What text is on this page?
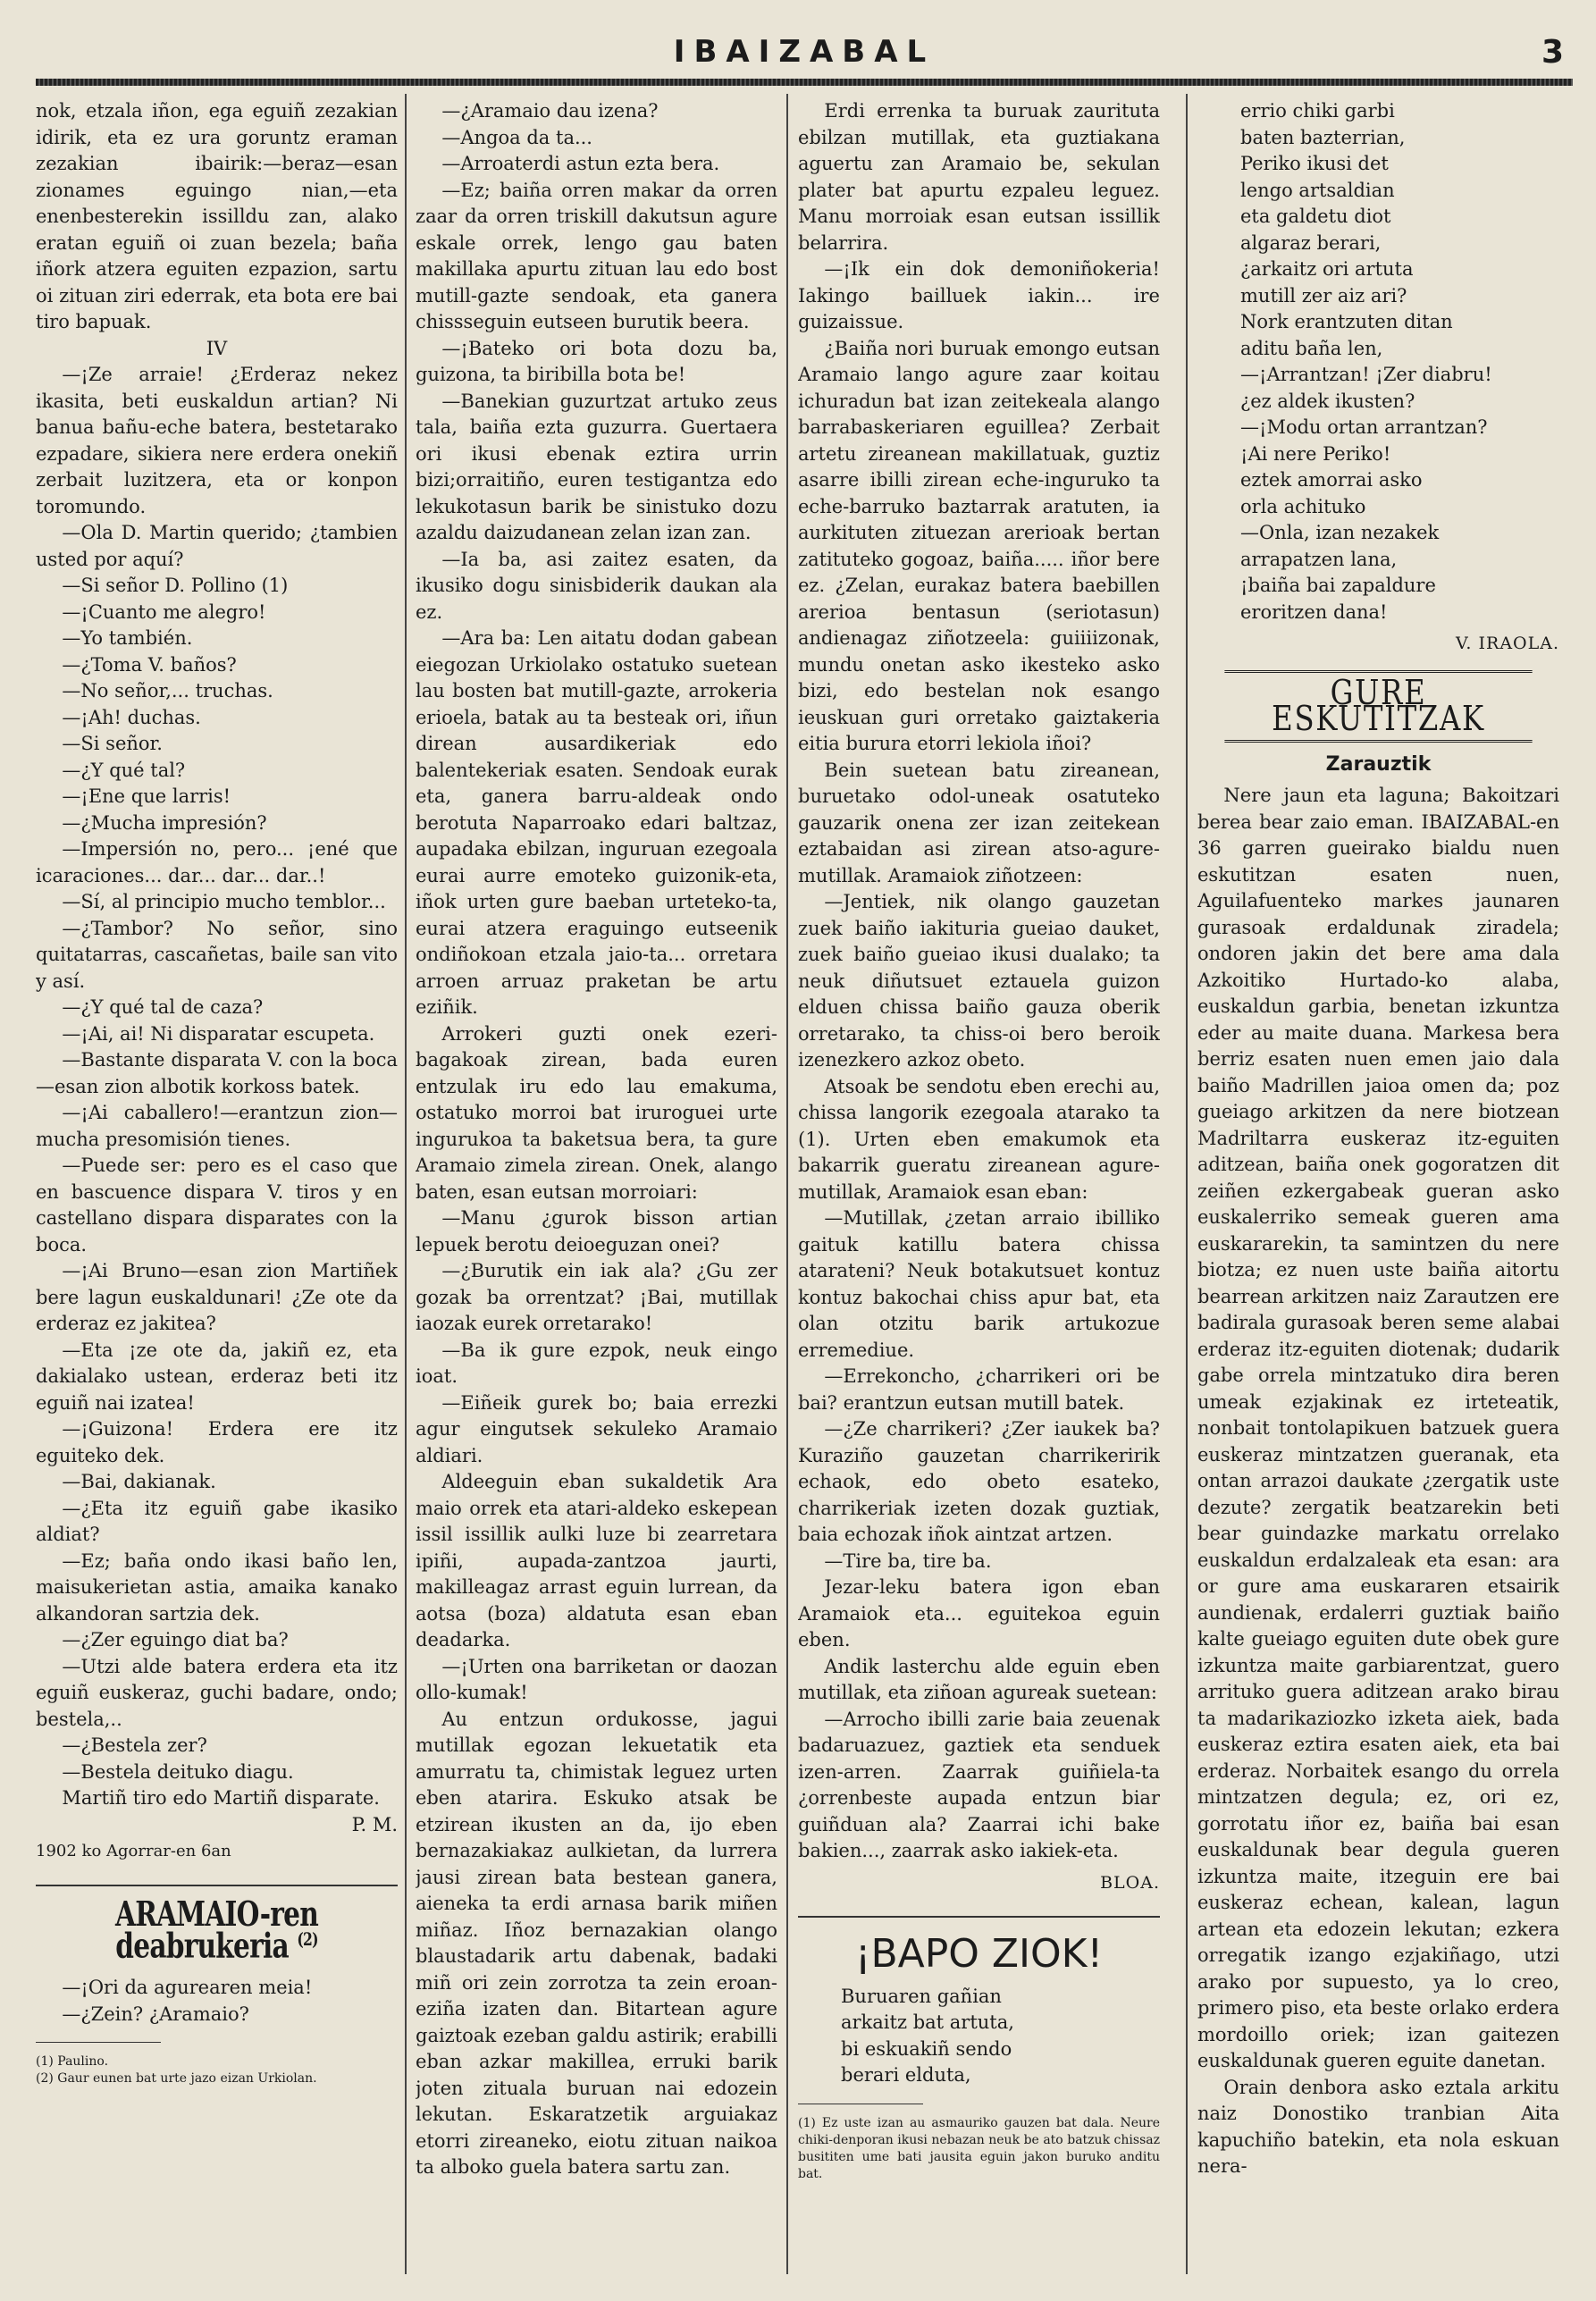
IBAIZABAL	3

nok, etzala iñon, ega eguiñ zezakian idirik, eta ez ura goruntz eraman zezakian ibairik:—beraz—esan zionames eguingo nian,—eta enenbesterekin issilldu zan, alako eratan eguiñ oi zuan bezela; baña iñork atzera eguiten ezpazion, sartu oi zituan ziri ederrak, eta bota ere bai tiro bapuak.

IV

—¡Ze arraie! ¿Erderaz nekez ikasita, beti euskaldun artian? Ni banua bañu-eche batera, bestetarako ezpadare, sikiera nere erdera onekiñ zerbait luzitzera, eta or konpon toromundo.

—Ola D. Martin querido; ¿tambien usted por aquí?

—Si señor D. Pollino (1)

—¡Cuanto me alegro!

—Yo también.

—¿Toma V. baños?

—No señor,... truchas.

—¡Ah! duchas.

—Si señor.

—¿Y qué tal?

—¡Ene que larris!

—¿Mucha impresión?

—Impersión no, pero... ¡ené que icaraciones... dar... dar... dar..!

—Sí, al principio mucho temblor...

—¿Tambor? No señor, sino quitatarras, cascañetas, baile san vito y así.

—¿Y qué tal de caza?

—¡Ai, ai! Ni disparatar escupeta.

—Bastante disparata V. con la boca—esan zion albotik korkoss batek.

—¡Ai caballero!—erantzun zion—mucha presomisión tienes.

—Puede ser: pero es el caso que en bascuence dispara V. tiros y en castellano dispara disparates con la boca.

—¡Ai Bruno—esan zion Martiñek bere lagun euskaldunari! ¿Ze ote da erderaz ez jakitea?

—Eta ¡ze ote da, jakiñ ez, eta dakialako ustean, erderaz beti itz eguiñ nai izatea!

—¡Guizona! Erdera ere itz eguiteko dek.

—Bai, dakianak.

—¿Eta itz eguiñ gabe ikasiko aldiat?

—Ez; baña ondo ikasi baño len, maisukerietan astia, amaika kanako alkandoran sartzia dek.

—¿Zer eguingo diat ba?

—Utzi alde batera erdera eta itz eguiñ euskeraz, guchi badare, ondo; bestela,..

—¿Bestela zer?

—Bestela deituko diagu.

Martiñ tiro edo Martiñ disparate.

P. M.
1902 ko Agorrar-en 6an
ARAMAIO-ren deabrukeria $^{(2)}$

—¡Ori da agurearen meia!

—¿Zein? ¿Aramaio?

(1) Paulino.

(2) Gaur eunen bat urte jazo eizan Urkiolan.

—¿Aramaio dau izena?

—Angoa da ta...

—Arroaterdi astun ezta bera.

—Ez; baiña orren makar da orren zaar da orren triskill dakutsun agure eskale orrek, lengo gau baten makillaka apurtu zituan lau edo bost mutill-gazte sendoak, eta ganera chissseguin eutseen burutik beera.

—¡Bateko ori bota dozu ba, guizona, ta biribilla bota be!

—Banekian guzurtzat artuko zeus tala, baiña ezta guzurra. Guertaera ori ikusi ebenak eztira urrin bizi;orraitiño, euren testigantza edo lekukotasun barik be sinistuko dozu azaldu daizudanean zelan izan zan.

—Ia ba, asi zaitez esaten, da ikusiko dogu sinisbiderik daukan ala ez.

—Ara ba: Len aitatu dodan gabean eiegozan Urkiolako ostatuko suetean lau bosten bat mutill-gazte, arrokeria erioela, batak au ta besteak ori, iñun direan ausardikeriak edo balentekeriak esaten. Sendoak eurak eta, ganera barru-aldeak ondo berotuta Naparroako edari baltzaz, aupadaka ebilzan, inguruan ezegoala eurai aurre emoteko guizonik-eta, iñok urten gure baeban urteteko-ta, eurai atzera eraguingo eutseenik ondiñokoan etzala jaio-ta... orretara arroen arruaz praketan be artu eziñik.

Arrokeri guzti onek ezeri-bagakoak zirean, bada euren entzulak iru edo lau emakuma, ostatuko morroi bat iruroguei urte ingurukoa ta baketsua bera, ta gure Aramaio zimela zirean. Onek, alango baten, esan eutsan morroiari:

—Manu ¿gurok bisson artian lepuek berotu deioeguzan onei?

—¿Burutik ein iak ala? ¿Gu zer gozak ba orrentzat? ¡Bai, mutillak iaozak eurek orretarako!

—Ba ik gure ezpok, neuk eingo ioat.

—Eiñeik gurek bo; baia errezki agur eingutsek sekuleko Aramaio aldiari.

Aldeeguin eban sukaldetik Ara maio orrek eta atari-aldeko eskepean issil issillik aulki luze bi zearretara ipiñi, aupada-zantzoa jaurti, makilleagaz arrast eguin lurrean, da aotsa (boza) aldatuta esan eban deadarka.

—¡Urten ona barriketan or daozan ollo-kumak!

Au entzun ordukosse, jagui mutillak egozan lekuetatik eta amurratu ta, chimistak leguez urten eben atarira. Eskuko atsak be etzirean ikusten an da, ijo eben bernazakiakaz aulkietan, da lurrera jausi zirean bata bestean ganera, aieneka ta erdi arnasa barik miñen miñaz. Iñoz bernazakian olango blaustadarik artu dabenak, badaki miñ ori zein zorrotza ta zein eroan-eziña izaten dan. Bitartean agure gaiztoak ezeban galdu astirik; erabilli eban azkar makillea, erruki barik joten zituala buruan nai edozein lekutan. Eskaratzetik arguiakaz etorri zireaneko, eiotu zituan naikoa ta alboko guela batera sartu zan.

Erdi errenka ta buruak zaurituta ebilzan mutillak, eta guztiakana aguertu zan Aramaio be, sekulan plater bat apurtu ezpaleu leguez. Manu morroiak esan eutsan issillik belarrira.

—¡Ik ein dok demoniñokeria! Iakingo bailluek iakin... ire guizaissue.

¿Baiña nori buruak emongo eutsan Aramaio lango agure zaar koitau ichuradun bat izan zeitekeala alango barrabaskeriaren eguillea? Zerbait artetu zireanean makillatuak, guztiz asarre ibilli zirean eche-inguruko ta eche-barruko baztarrak aratuten, ia aurkituten zituezan arerioak bertan zatituteko gogoaz, baiña..... iñor bere ez. ¿Zelan, eurakaz batera baebillen arerioa bentasun (seriotasun) andienagaz ziñotzeela: guiiiizonak, mundu onetan asko ikesteko asko bizi, edo bestelan nok esango ieuskuan guri orretako gaiztakeria eitia burura etorri lekiola iñoi?

Bein suetean batu zireanean, buruetako odol-uneak osatuteko gauzarik onena zer izan zeitekean eztabaidan asi zirean atso-agure-mutillak. Aramaiok ziñotzeen:

—Jentiek, nik olango gauzetan zuek baiño iakituria gueiao dauket, zuek baiño gueiao ikusi dualako; ta neuk diñutsuet eztauela guizon elduen chissa baiño gauza oberik orretarako, ta chiss-oi bero beroik izenezkero azkoz obeto.

Atsoak be sendotu eben erechi au, chissa langorik ezegoala atarako ta (1). Urten eben emakumok eta bakarrik gueratu zireanean agure-mutillak, Aramaiok esan eban:

—Mutillak, ¿zetan arraio ibilliko gaituk katillu batera chissa atarateni? Neuk botakutsuet kontuz kontuz bakochai chiss apur bat, eta olan otzitu barik artukozue erremediue.

—Errekoncho, ¿charrikeri ori be bai? erantzun eutsan mutill batek.

—¿Ze charrikeri? ¿Zer iaukek ba? Kuraziño gauzetan charrikeririk echaok, edo obeto esateko, charrikeriak izeten dozak guztiak, baia echozak iñok aintzat artzen.

—Tire ba, tire ba.

Jezar-leku batera igon eban Aramaiok eta... eguitekoa eguin eben.

Andik lasterchu alde eguin eben mutillak, eta ziñoan agureak suetean:

—Arrocho ibilli zarie baia zeuenak badaruazuez, gaztiek eta senduek izen-arren. Zaarrak guiñiela-ta ¿orrenbeste aupada entzun biar guiñduan ala? Zaarrai ichi bake bakien..., zaarrak asko iakiek-eta.

BLOA.
¡BAPO ZIOK!

Buruaren gañian

arkaitz bat artuta,

bi eskuakiñ sendo

berari elduta,

(1) Ez uste izan au asmauriko gauzen bat dala. Neure chiki-denporan ikusi nebazan neuk be ato batzuk chissaz busititen ume bati jausita eguin jakon buruko anditu bat.

errio chiki garbi

baten bazterrian,

Periko ikusi det

lengo artsaldian

eta galdetu diot

algaraz berari,

¿arkaitz ori artuta

mutill zer aiz ari?

Nork erantzuten ditan

aditu baña len,

—¡Arrantzan! ¡Zer diabru!

¿ez aldek ikusten?

—¡Modu ortan arrantzan?

¡Ai nere Periko!

eztek amorrai asko

orla achituko

—Onla, izan nezakek

arrapatzen lana,

¡baiña bai zapaldure

eroritzen dana!

V. IRAOLA.
GURE ESKUTITZAK
Zarauztik

Nere jaun eta laguna; Bakoitzari berea bear zaio eman. IBAIZABAL-en 36 garren gueirako bialdu nuen eskutitzan esaten nuen, Aguilafuenteko markes jaunaren gurasoak erdaldunak ziradela; ondoren jakin det bere ama dala Azkoitiko Hurtado-ko alaba, euskaldun garbia, benetan izkuntza eder au maite duana. Markesa bera berriz esaten nuen emen jaio dala baiño Madrillen jaioa omen da; poz gueiago arkitzen da nere biotzean Madriltarra euskeraz itz-eguiten aditzean, baiña onek gogoratzen dit zeiñen ezkergabeak gueran asko euskalerriko semeak gueren ama euskararekin, ta samintzen du nere biotza; ez nuen uste baiña aitortu bearrean arkitzen naiz Zarautzen ere badirala gurasoak beren seme alabai erderaz itz-eguiten diotenak; dudarik gabe orrela mintzatuko dira beren umeak ezjakinak ez irteteatik, nonbait tontolapikuen batzuek guera euskeraz mintzatzen gueranak, eta ontan arrazoi daukate ¿zergatik uste dezute? zergatik beatzarekin beti bear guindazke markatu orrelako euskaldun erdalzaleak eta esan: ara or gure ama euskararen etsairik aundienak, erdalerri guztiak baiño kalte gueiago eguiten dute obek gure izkuntza maite garbiarentzat, guero arrituko guera aditzean arako birau ta madarikaziozko izketa aiek, bada euskeraz eztira esaten aiek, eta bai erderaz. Norbaitek esango du orrela mintzatzen degula; ez, ori ez, gorrotatu iñor ez, baiña bai esan euskaldunak bear degula gueren izkuntza maite, itzeguin ere bai euskeraz echean, kalean, lagun artean eta edozein lekutan; ezkera orregatik izango ezjakiñago, utzi arako por supuesto, ya lo creo, primero piso, eta beste orlako erdera mordoillo oriek; izan gaitezen euskaldunak gueren eguite danetan.

Orain denbora asko eztala arkitu naiz Donostiko tranbian Aita kapuchiño batekin, eta nola eskuan nera-
